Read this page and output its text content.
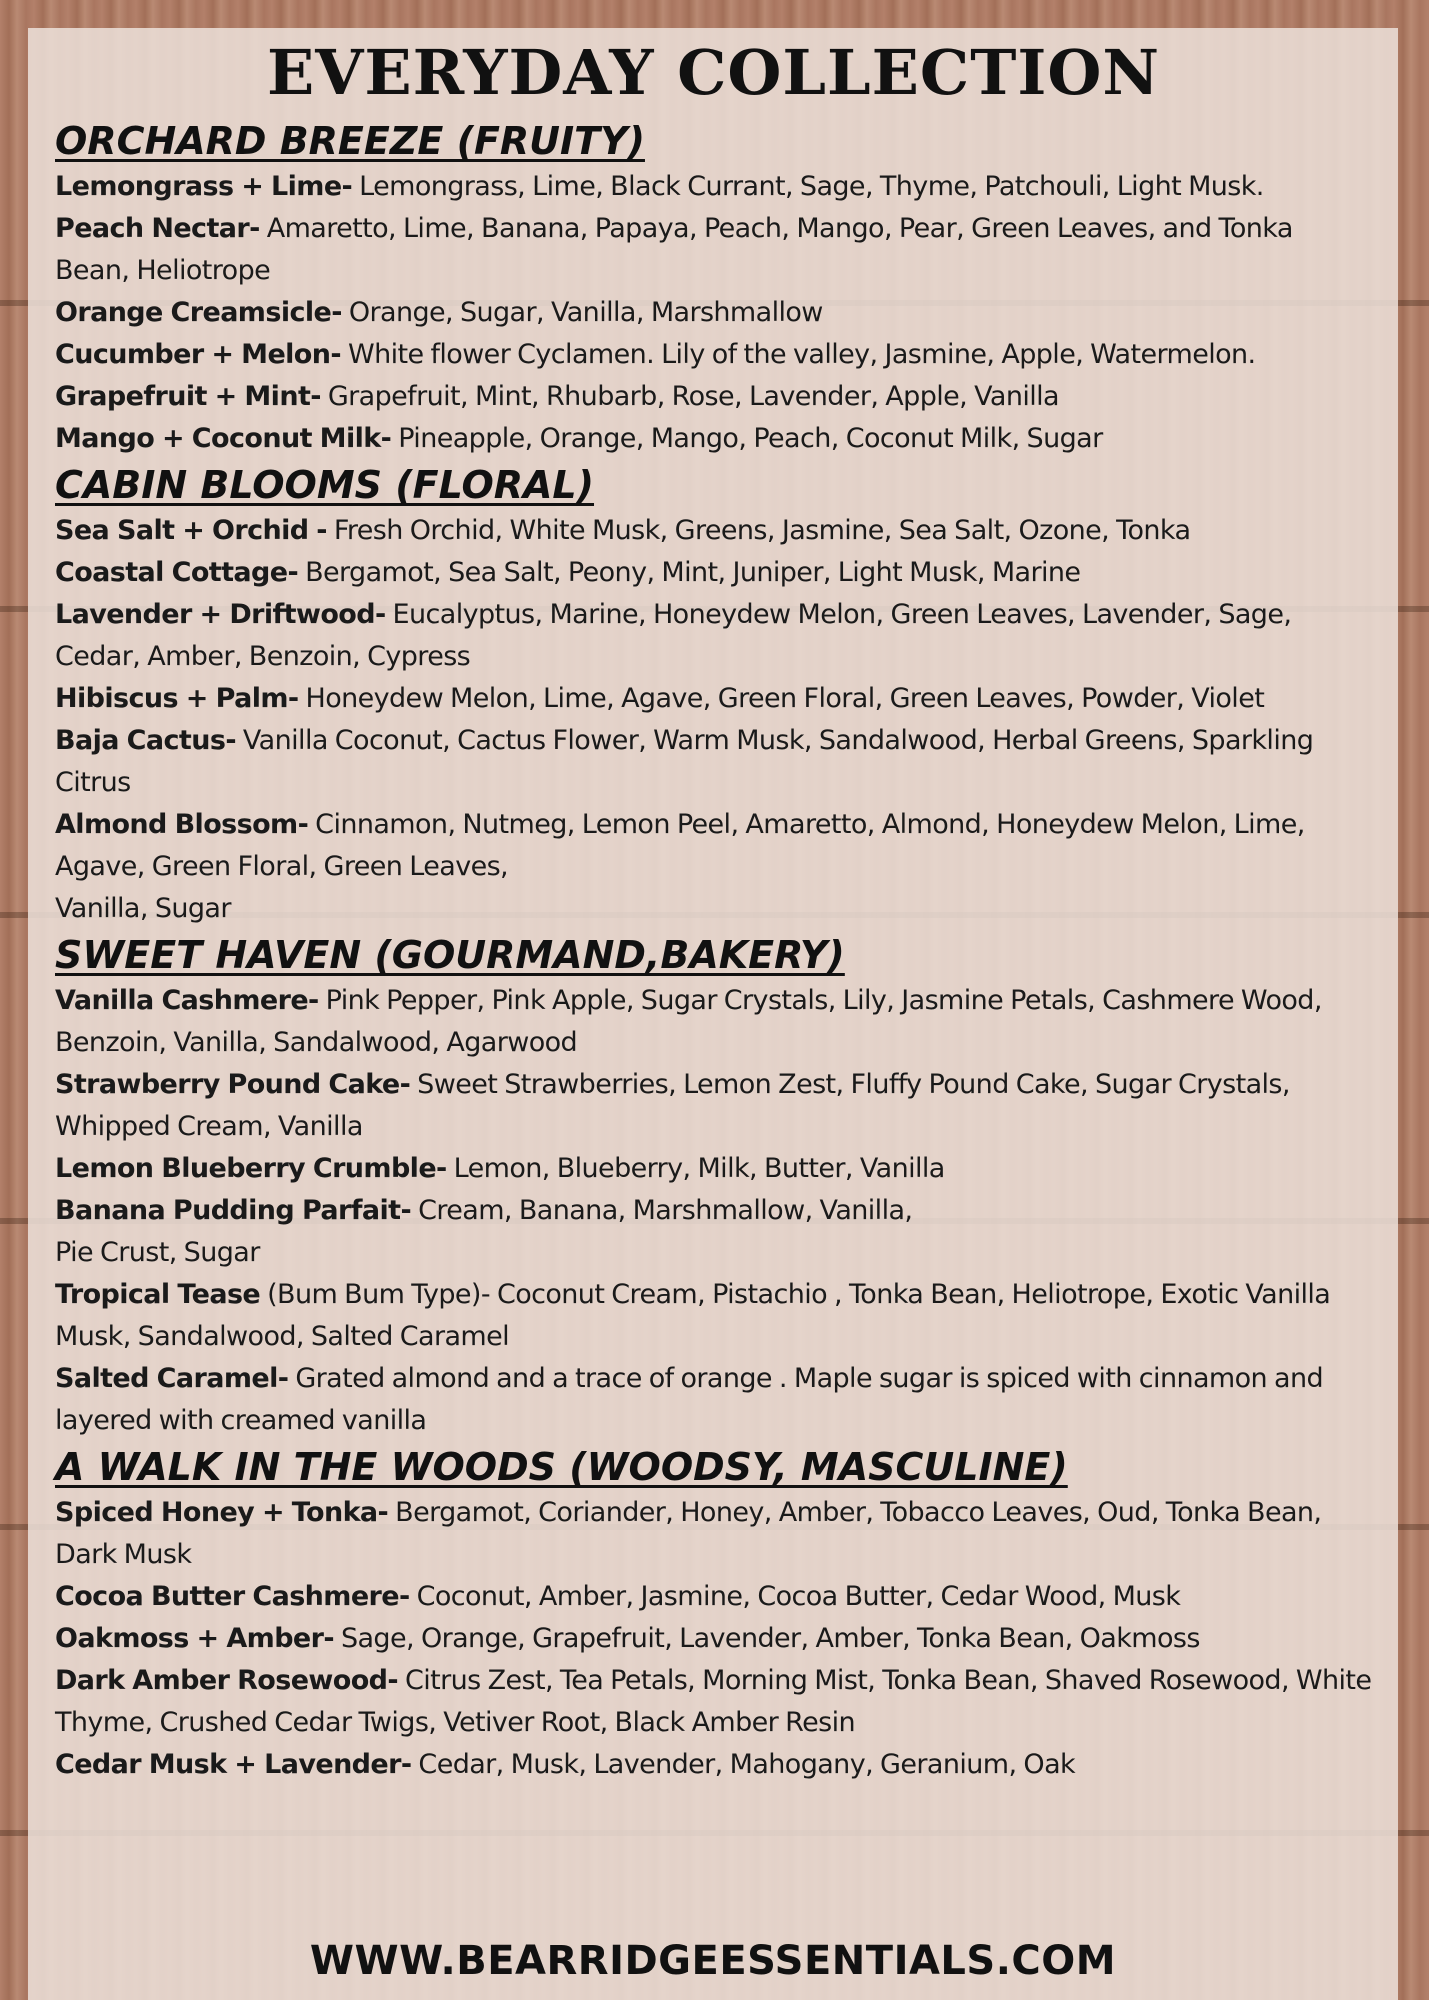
EVERYDAY COLLECTION
ORCHARD BREEZE (FRUITY)

Lemongrass + Lime- Lemongrass, Lime, Black Currant, Sage, Thyme, Patchouli, Light Musk.

Peach Nectar- Amaretto, Lime, Banana, Papaya, Peach, Mango, Pear, Green Leaves, and Tonka Bean, Heliotrope

Orange Creamsicle- Orange, Sugar, Vanilla, Marshmallow

Cucumber + Melon- White flower Cyclamen. Lily of the valley, Jasmine, Apple, Watermelon.

Grapefruit + Mint- Grapefruit, Mint, Rhubarb, Rose, Lavender, Apple, Vanilla

Mango + Coconut Milk- Pineapple, Orange, Mango, Peach, Coconut Milk, Sugar

CABIN BLOOMS (FLORAL)

Sea Salt + Orchid - Fresh Orchid, White Musk, Greens, Jasmine, Sea Salt, Ozone, Tonka

Coastal Cottage- Bergamot, Sea Salt, Peony, Mint, Juniper, Light Musk, Marine

Lavender + Driftwood- Eucalyptus, Marine, Honeydew Melon, Green Leaves, Lavender, Sage, Cedar, Amber, Benzoin, Cypress

Hibiscus + Palm- Honeydew Melon, Lime, Agave, Green Floral, Green Leaves, Powder, Violet

Baja Cactus- Vanilla Coconut, Cactus Flower, Warm Musk, Sandalwood, Herbal Greens, Sparkling Citrus

Almond Blossom- Cinnamon, Nutmeg, Lemon Peel, Amaretto, Almond, Honeydew Melon, Lime, Agave, Green Floral, Green Leaves,
Vanilla, Sugar

SWEET HAVEN (GOURMAND,BAKERY)

Vanilla Cashmere- Pink Pepper, Pink Apple, Sugar Crystals, Lily, Jasmine Petals, Cashmere Wood, Benzoin, Vanilla, Sandalwood, Agarwood

Strawberry Pound Cake- Sweet Strawberries, Lemon Zest, Fluffy Pound Cake, Sugar Crystals, Whipped Cream, Vanilla

Lemon Blueberry Crumble- Lemon, Blueberry, Milk, Butter, Vanilla

Banana Pudding Parfait- Cream, Banana, Marshmallow, Vanilla,
Pie Crust, Sugar

Tropical Tease (Bum Bum Type)- Coconut Cream, Pistachio , Tonka Bean, Heliotrope, Exotic Vanilla Musk, Sandalwood, Salted Caramel

Salted Caramel- Grated almond and a trace of orange . Maple sugar is spiced with cinnamon and layered with creamed vanilla

A WALK IN THE WOODS (WOODSY, MASCULINE)

Spiced Honey + Tonka- Bergamot, Coriander, Honey, Amber, Tobacco Leaves, Oud, Tonka Bean, Dark Musk

Cocoa Butter Cashmere- Coconut, Amber, Jasmine, Cocoa Butter, Cedar Wood, Musk

Oakmoss + Amber- Sage, Orange, Grapefruit, Lavender, Amber, Tonka Bean, Oakmoss

Dark Amber Rosewood- Citrus Zest, Tea Petals, Morning Mist, Tonka Bean, Shaved Rosewood, White Thyme, Crushed Cedar Twigs, Vetiver Root, Black Amber Resin

Cedar Musk + Lavender- Cedar, Musk, Lavender, Mahogany, Geranium, Oak

WWW.BEARRIDGEESSENTIALS.COM
